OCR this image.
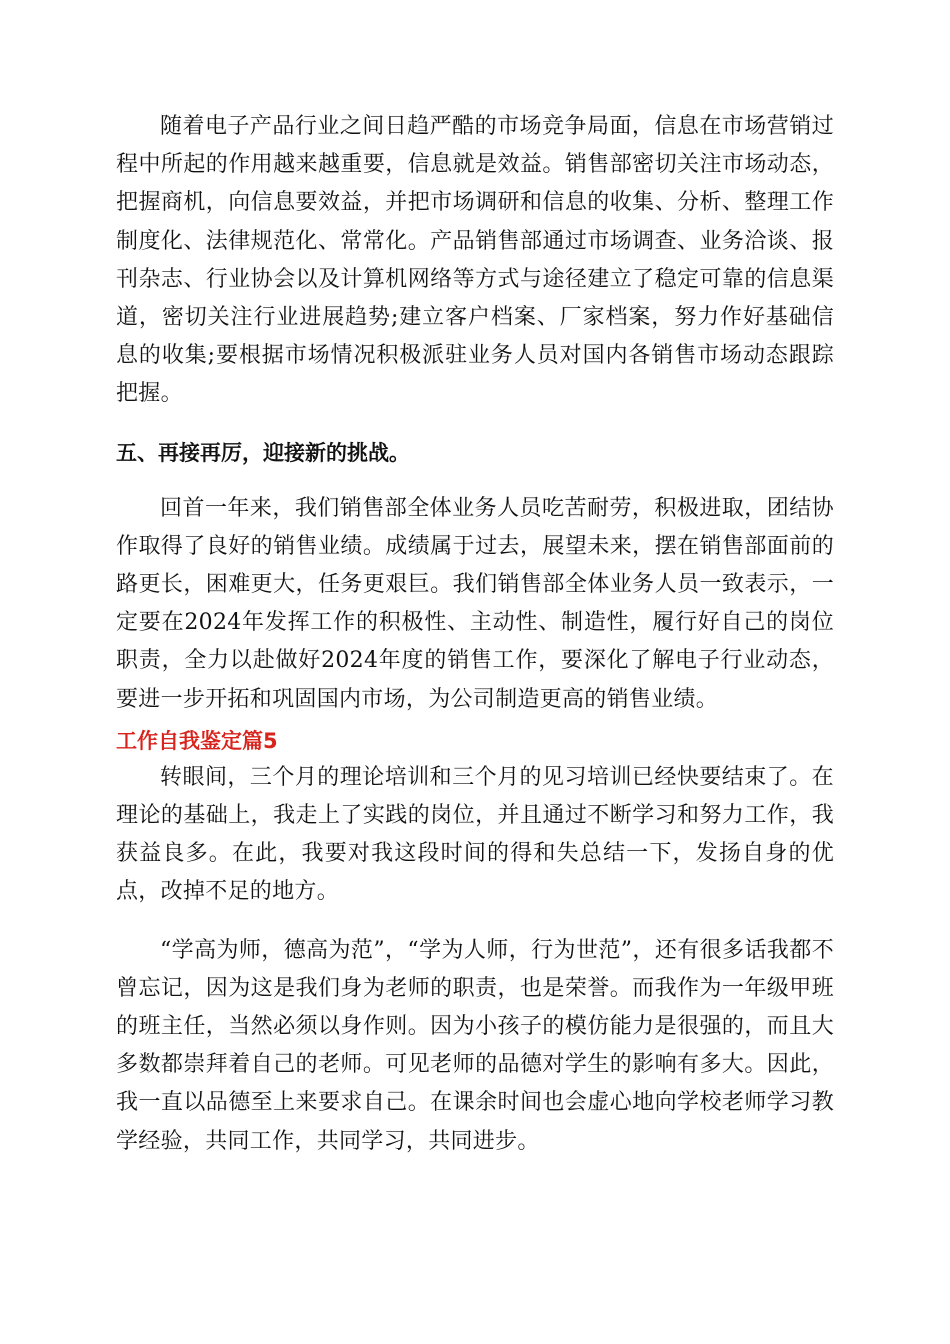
随着电子产品行业之间日趋严酷的市场竞争局面，信息在市场营销过程中所起的作用越来越重要，信息就是效益。销售部密切关注市场动态，把握商机，向信息要效益，并把市场调研和信息的收集、分析、整理工作制度化、法律规范化、常常化。产品销售部通过市场调查、业务洽谈、报刊杂志、行业协会以及计算机网络等方式与途径建立了稳定可靠的信息渠道，密切关注行业进展趋势;建立客户档案、厂家档案，努力作好基础信息的收集;要根据市场情况积极派驻业务人员对国内各销售市场动态跟踪把握。

五、再接再厉，迎接新的挑战。

回首一年来，我们销售部全体业务人员吃苦耐劳，积极进取，团结协作取得了良好的销售业绩。成绩属于过去，展望未来，摆在销售部面前的路更长，困难更大，任务更艰巨。我们销售部全体业务人员一致表示，一定要在2024年发挥工作的积极性、主动性、制造性，履行好自己的岗位职责，全力以赴做好2024年度的销售工作，要深化了解电子行业动态，要进一步开拓和巩固国内市场，为公司制造更高的销售业绩。

工作自我鉴定篇5

转眼间，三个月的理论培训和三个月的见习培训已经快要结束了。在理论的基础上，我走上了实践的岗位，并且通过不断学习和努力工作，我获益良多。在此，我要对我这段时间的得和失总结一下，发扬自身的优点，改掉不足的地方。

“学高为师，德高为范”，“学为人师，行为世范”，还有很多话我都不曾忘记，因为这是我们身为老师的职责，也是荣誉。而我作为一年级甲班的班主任，当然必须以身作则。因为小孩子的模仿能力是很强的，而且大多数都崇拜着自己的老师。可见老师的品德对学生的影响有多大。因此，我一直以品德至上来要求自己。在课余时间也会虚心地向学校老师学习教学经验，共同工作，共同学习，共同进步。
